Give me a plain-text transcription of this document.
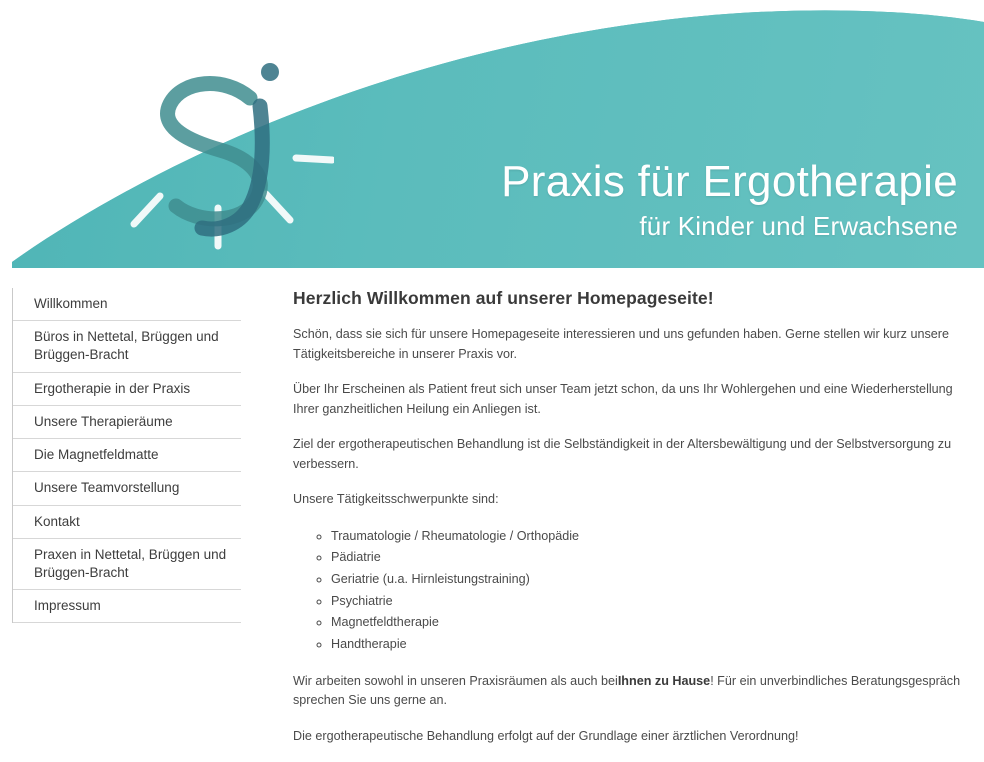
Praxis für Ergotherapie
für Kinder und Erwachsene
Willkommen
Büros in Nettetal, Brüggen und Brüggen-Bracht
Ergotherapie in der Praxis
Unsere Therapieräume
Die Magnetfeldmatte
Unsere Teamvorstellung
Kontakt
Praxen in Nettetal, Brüggen und Brüggen-Bracht
Impressum
Herzlich Willkommen auf unserer Homepageseite!

Schön, dass sie sich für unsere Homepageseite interessieren und uns gefunden haben. Gerne stellen wir kurz unsere Tätigkeitsbereiche in unserer Praxis vor.

Über Ihr Erscheinen als Patient freut sich unser Team jetzt schon, da uns Ihr Wohlergehen und eine Wiederherstellung Ihrer ganzheitlichen Heilung ein Anliegen ist.

Ziel der ergotherapeutischen Behandlung ist die Selbständigkeit in der Altersbewältigung und der Selbstversorgung zu verbessern.

Unsere Tätigkeitsschwerpunkte sind:

◦ Traumatologie / Rheumatologie / Orthopädie
◦ Pädiatrie
◦ Geriatrie (u.a. Hirnleistungstraining)
◦ Psychiatrie
◦ Magnetfeldtherapie
◦ Handtherapie

Wir arbeiten sowohl in unseren Praxisräumen als auch beiIhnen zu Hause! Für ein unverbindliches Beratungsgespräch sprechen Sie uns gerne an.

Die ergotherapeutische Behandlung erfolgt auf der Grundlage einer ärztlichen Verordnung!
